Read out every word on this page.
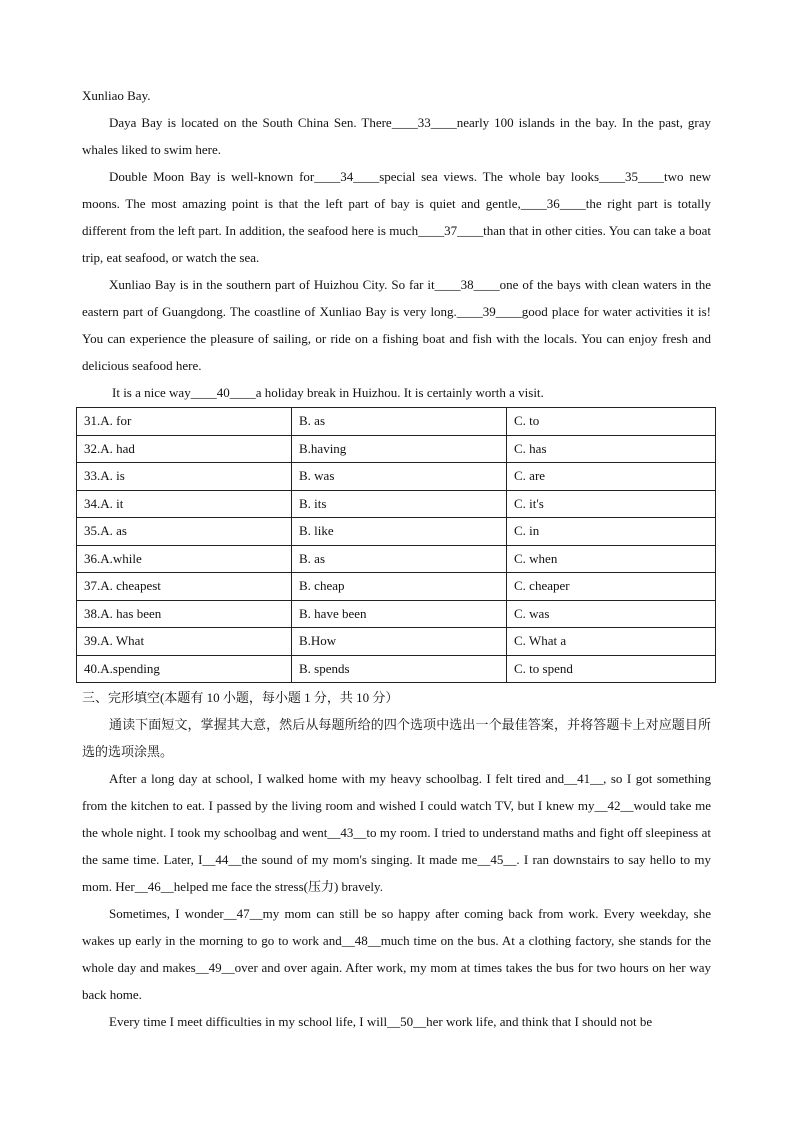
Xunliao Bay.

Daya Bay is located on the South China Sen. There____33____nearly 100 islands in the bay. In the past, gray whales liked to swim here.

Double Moon Bay is well-known for____34____special sea views. The whole bay looks____35____two new moons. The most amazing point is that the left part of bay is quiet and gentle,____36____the right part is totally different from the left part. In addition, the seafood here is much____37____than that in other cities. You can take a boat trip, eat seafood, or watch the sea.

Xunliao Bay is in the southern part of Huizhou City. So far it____38____one of the bays with clean waters in the eastern part of Guangdong. The coastline of Xunliao Bay is very long.____39____good place for water activities it is! You can experience the pleasure of sailing, or ride on a fishing boat and fish with the locals. You can enjoy fresh and delicious seafood here.

It is a nice way____40____a holiday break in Huizhou. It is certainly worth a visit.

31.A. for	B. as	C. to
32.A. had	B.having	C. has
33.A. is	B. was	C. are
34.A. it	B. its	C. it's
35.A. as	B. like	C. in
36.A.while	B. as	C. when
37.A. cheapest	B. cheap	C. cheaper
38.A. has been	B. have been	C. was
39.A. What	B.How	C. What a
40.A.spending	B. spends	C. to spend

三、完形填空(本题有 10 小题，每小题 1 分，共 10 分）

通读下面短文，掌握其大意，然后从每题所给的四个选项中选出一个最佳答案，并将答题卡上对应题目所选的选项涂黑。

After a long day at school, I walked home with my heavy schoolbag. I felt tired and__41__, so I got something from the kitchen to eat. I passed by the living room and wished I could watch TV, but I knew my__42__would take me the whole night. I took my schoolbag and went__43__to my room. I tried to understand maths and fight off sleepiness at the same time. Later, I__44__the sound of my mom's singing. It made me__45__. I ran downstairs to say hello to my mom. Her__46__helped me face the stress(压力) bravely.

Sometimes, I wonder__47__my mom can still be so happy after coming back from work. Every weekday, she wakes up early in the morning to go to work and__48__much time on the bus. At a clothing factory, she stands for the whole day and makes__49__over and over again. After work, my mom at times takes the bus for two hours on her way back home.

Every time I meet difficulties in my school life, I will__50__her work life, and think that I should not be
